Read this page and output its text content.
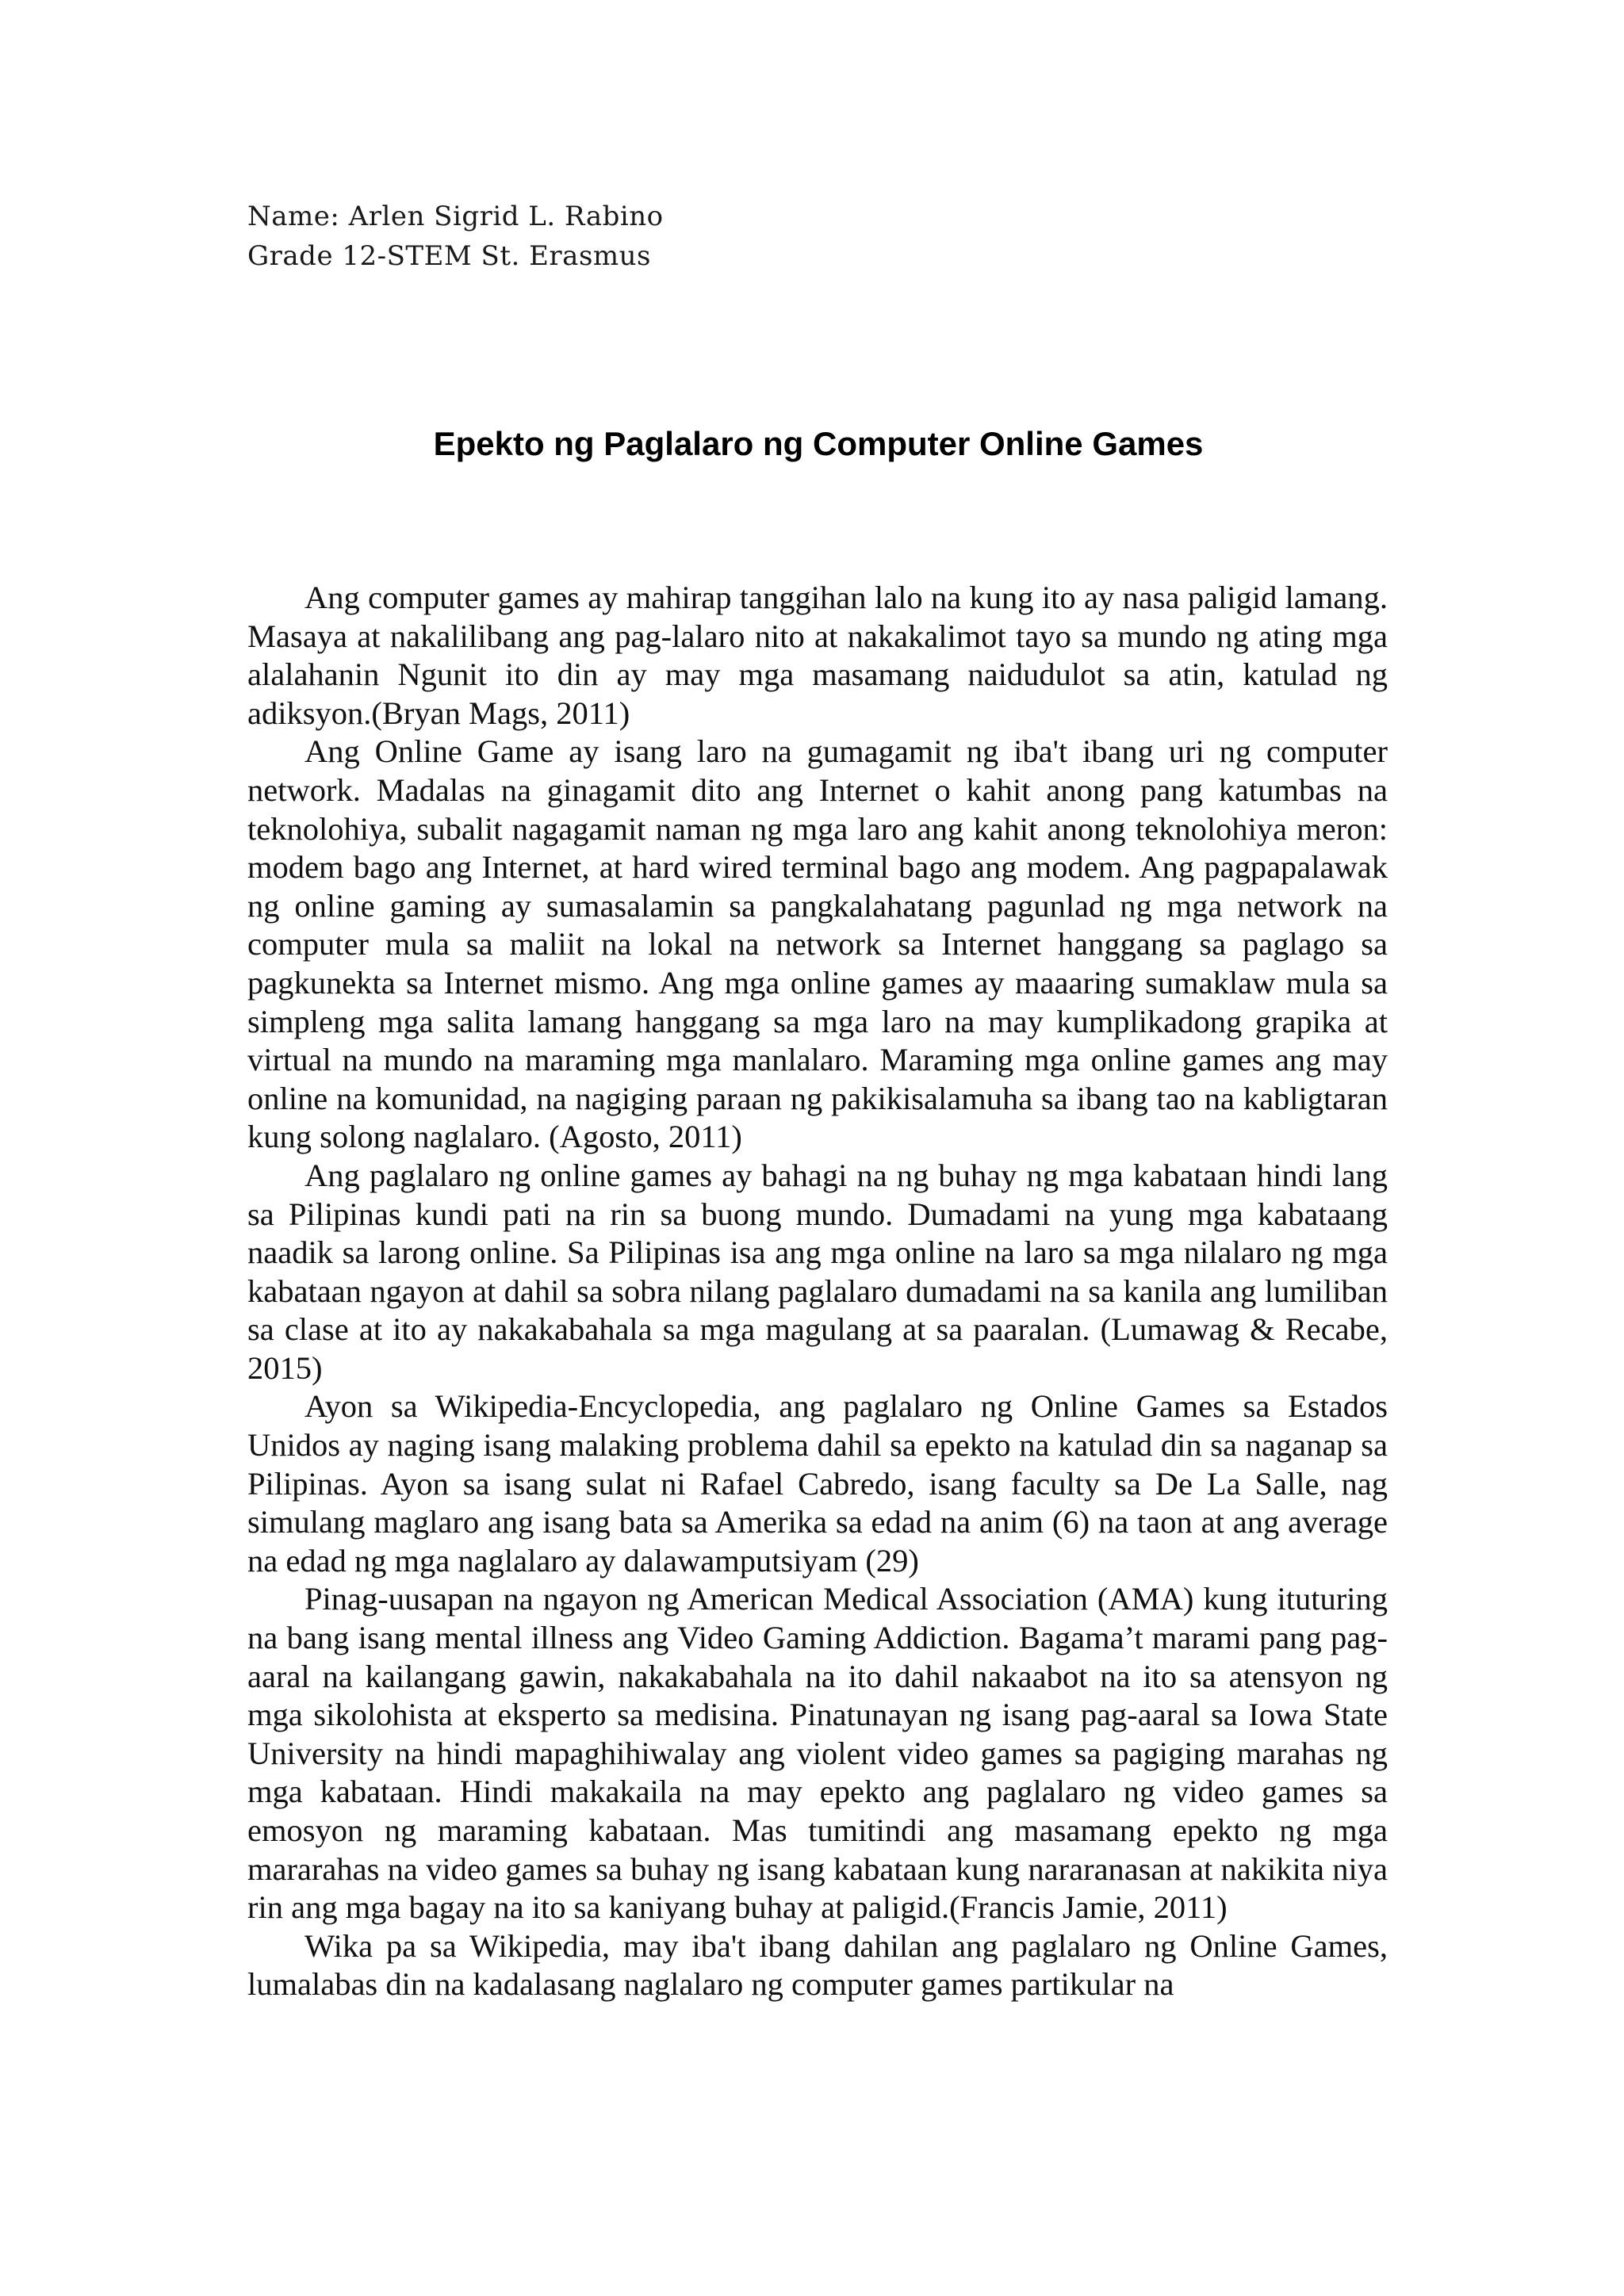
Name: Arlen Sigrid L. Rabino
Grade 12-STEM St. Erasmus
Epekto ng Paglalaro ng Computer Online Games

Ang computer games ay mahirap tanggihan lalo na kung ito ay nasa paligid lamang. Masaya at nakalilibang ang pag-lalaro nito at nakakalimot tayo sa mundo ng ating mga alalahanin Ngunit ito din ay may mga masamang naidudulot sa atin, katulad ng adiksyon.(Bryan Mags, 2011)

Ang Online Game ay isang laro na gumagamit ng iba't ibang uri ng computer network. Madalas na ginagamit dito ang Internet o kahit anong pang katumbas na teknolohiya, subalit nagagamit naman ng mga laro ang kahit anong teknolohiya meron: modem bago ang Internet, at hard wired terminal bago ang modem. Ang pagpapalawak ng online gaming ay sumasalamin sa pangkalahatang pagunlad ng mga network na computer mula sa maliit na lokal na network sa Internet hanggang sa paglago sa pagkunekta sa Internet mismo. Ang mga online games ay maaaring sumaklaw mula sa simpleng mga salita lamang hanggang sa mga laro na may kumplikadong grapika at virtual na mundo na maraming mga manlalaro. Maraming mga online games ang may online na komunidad, na nagiging paraan ng pakikisalamuha sa ibang tao na kabligtaran kung solong naglalaro. (Agosto, 2011)

Ang paglalaro ng online games ay bahagi na ng buhay ng mga kabataan hindi lang sa Pilipinas kundi pati na rin sa buong mundo. Dumadami na yung mga kabataang naadik sa larong online. Sa Pilipinas isa ang mga online na laro sa mga nilalaro ng mga kabataan ngayon at dahil sa sobra nilang paglalaro dumadami na sa kanila ang lumiliban sa clase at ito ay nakakabahala sa mga magulang at sa paaralan. (Lumawag & Recabe, 2015)

Ayon sa Wikipedia-Encyclopedia, ang paglalaro ng Online Games sa Estados Unidos ay naging isang malaking problema dahil sa epekto na katulad din sa naganap sa Pilipinas. Ayon sa isang sulat ni Rafael Cabredo, isang faculty sa De La Salle, nag simulang maglaro ang isang bata sa Amerika sa edad na anim (6) na taon at ang average na edad ng mga naglalaro ay dalawamputsiyam (29)

Pinag-uusapan na ngayon ng American Medical Association (AMA) kung ituturing na bang isang mental illness ang Video Gaming Addiction. Bagama’t marami pang pag-aaral na kailangang gawin, nakakabahala na ito dahil nakaabot na ito sa atensyon ng mga sikolohista at eksperto sa medisina. Pinatunayan ng isang pag-aaral sa Iowa State University na hindi mapaghihiwalay ang violent video games sa pagiging marahas ng mga kabataan. Hindi makakaila na may epekto ang paglalaro ng video games sa emosyon ng maraming kabataan. Mas tumitindi ang masamang epekto ng mga mararahas na video games sa buhay ng isang kabataan kung nararanasan at nakikita niya rin ang mga bagay na ito sa kaniyang buhay at paligid.(Francis Jamie, 2011)

Wika pa sa Wikipedia, may iba't ibang dahilan ang paglalaro ng Online Games, lumalabas din na kadalasang naglalaro ng computer games partikular na
